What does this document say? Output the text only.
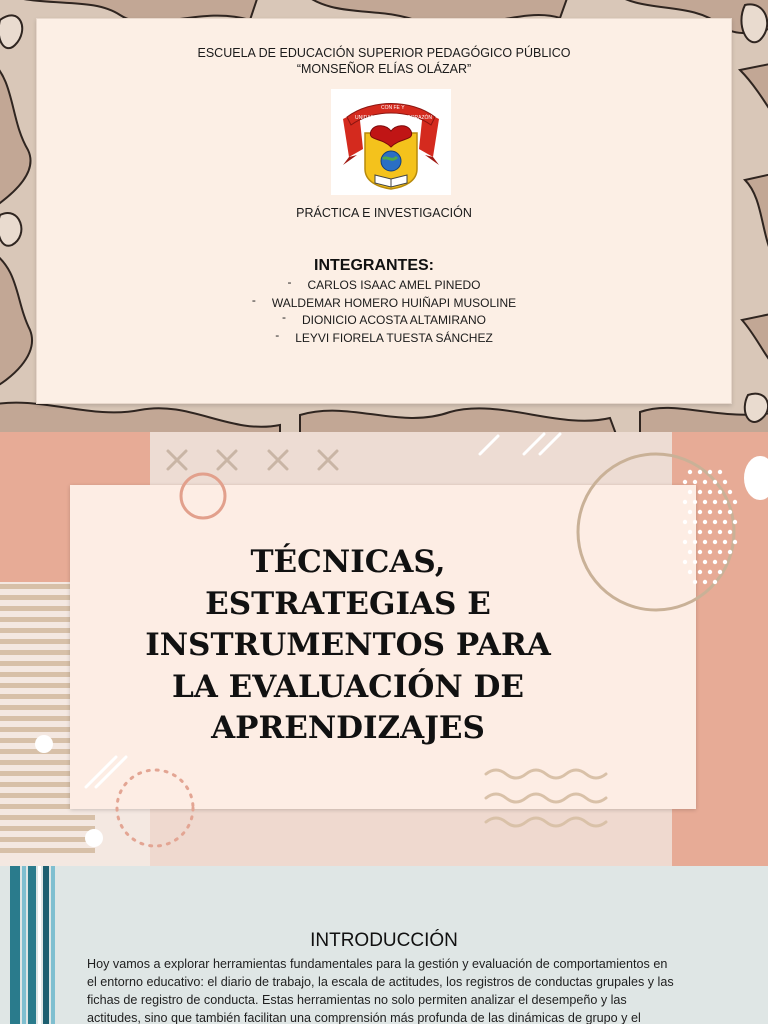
ESCUELA DE EDUCACIÓN SUPERIOR PEDAGÓGICO PÚBLICO
“MONSEÑOR ELÍAS OLÁZAR”
UNIDADES
CON FE Y
CORAZÓN
PRÁCTICA E INVESTIGACIÓN
INTEGRANTES:
- CARLOS ISAAC AMEL PINEDO
- WALDEMAR HOMERO HUIÑAPI MUSOLINE
- DIONICIO ACOSTA ALTAMIRANO
- LEYVI FIORELA TUESTA SÁNCHEZ
TÉCNICAS,
ESTRATEGIAS E
INSTRUMENTOS PARA
LA EVALUACIÓN DE
APRENDIZAJES
INTRODUCCIÓN
Hoy vamos a explorar herramientas fundamentales para la gestión y evaluación de comportamientos en
el entorno educativo: el diario de trabajo, la escala de actitudes, los registros de conductas grupales y las
fichas de registro de conducta. Estas herramientas no solo permiten analizar el desempeño y las
actitudes, sino que también facilitan una comprensión más profunda de las dinámicas de grupo y el
